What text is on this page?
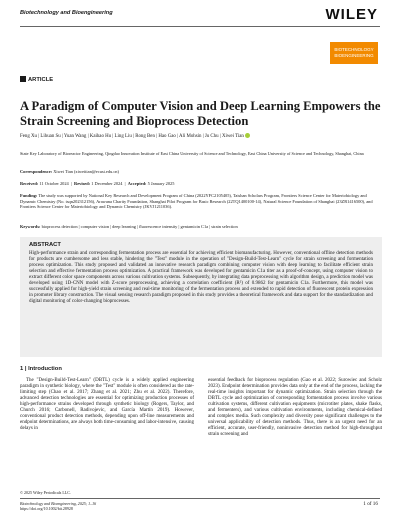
Biotechnology and Bioengineering	WILEY
BIOTECHNOLOGY BIOENGINEERING
ARTICLE
A Paradigm of Computer Vision and Deep Learning Empowers the Strain Screening and Bioprocess Detection
Feng Xu | Lihuan Su | Yuan Wang | Kaihao Hu | Ling Liu | Rong Ben | Hao Gao | Ali Mohsin | Ju Chu | Xiwei Tian
State Key Laboratory of Bioreactor Engineering, Qingdao Innovation Institute of East China University of Science and Technology, East China University of Science and Technology, Shanghai, China
Correspondence: Xiwei Tian (xiweitian@ecust.edu.cn)
Received: 11 October 2024  |  Revised: 1 December 2024  |  Accepted: 5 January 2025
Funding: The study was supported by National Key Research and Development Program of China (2022YFC2105405), Taishan Scholars Program, Frontiers Science Center for Materiobiology and Dynamic Chemistry (No. tsqn202312156), Arawana Charity Foundation, Shanghai Pilot Program for Basic Research (22TQ1400100-14), Natural Science Foundation of Shanghai (23ZR1416500), and Frontiers Science Center for Materiobiology and Dynamic Chemistry (JKVJ1211036).
Keywords: bioprocess detection | computer vision | deep learning | fluorescence intensity | gentamicin C1a | strain selection
ABSTRACT
High-performance strain and corresponding fermentation process are essential for achieving efficient biomanufacturing. However, conventional offline detection methods for products are cumbersome and less stable, hindering the "Test" module in the operation of "Design-Build-Test-Learn" cycle for strain screening and formentation process optimization. This study proposed and validated an innovative research paradigm combining computer vision with deep learning to facilitate efficient strain selection and effective fermentation process optimization. A practical framework was developed for gentamicin C1a titer as a proof-of-concept, using computer vision to extract different color space components across various cultivation systems. Subsequently, by integrating data preprocessing with algorithm design, a prediction model was developed using 1D-CNN model with Z-score preprocessing, achieving a correlation coefficient (R²) of 0.9862 for gentamicin C1a. Furthermore, this model was successfully applied for high-yield strain screening and real-time monitoring of the fermentation process and extended to rapid detection of fluorescent protein expression in promoter library construction. The visual sensing research paradigm proposed in this study provides a theoretical framework and data support for the standardization and digital monitoring of color-changing bioprocesses.
1 | Introduction
The "Design-Build-Test-Learn" (DBTL) cycle is a widely applied engineering paradigm in synthetic biology, where the "Test" module is often considered as the rate-limiting step (Chao et al. 2017; Zhang et al. 2021; Zhu et al. 2022). Therefore, advanced detection technologies are essential for optimizing production processes of high-performance strains developed through synthetic biology (Rogers, Taylor, and Church 2016; Carbonell, Radivojevic, and García Martín 2019). However, conventional product detection methods, depending upon off-line measurements and endpoint determinations, are always both time-consuming and labor-intensive, causing delays in
essential feedback for bioprocess regulation (Gao et al. 2022; Surowiec and Scholz 2023). Endpoint determination provides data only at the end of the process, lacking the real-time insights important for dynamic optimization. Strain selection through the DBTL cycle and optimization of corresponding formentation process involve various cultivation systems, different cultivation equipments (microtiter plates, shake flasks, and fermenters), and various cultivation environments, including chemical-defined and complex media. Such complexity and diversity pose significant challenges to the universal applicability of detection methods. Thus, there is an urgent need for an efficient, accurate, user-friendly, noninvasive detection method for high-throughput strain screening and
© 2025 Wiley Periodicals LLC.
Biotechnology and Bioengineering, 2025; 1–16
https://doi.org/10.1002/bit.28928
1 of 16
